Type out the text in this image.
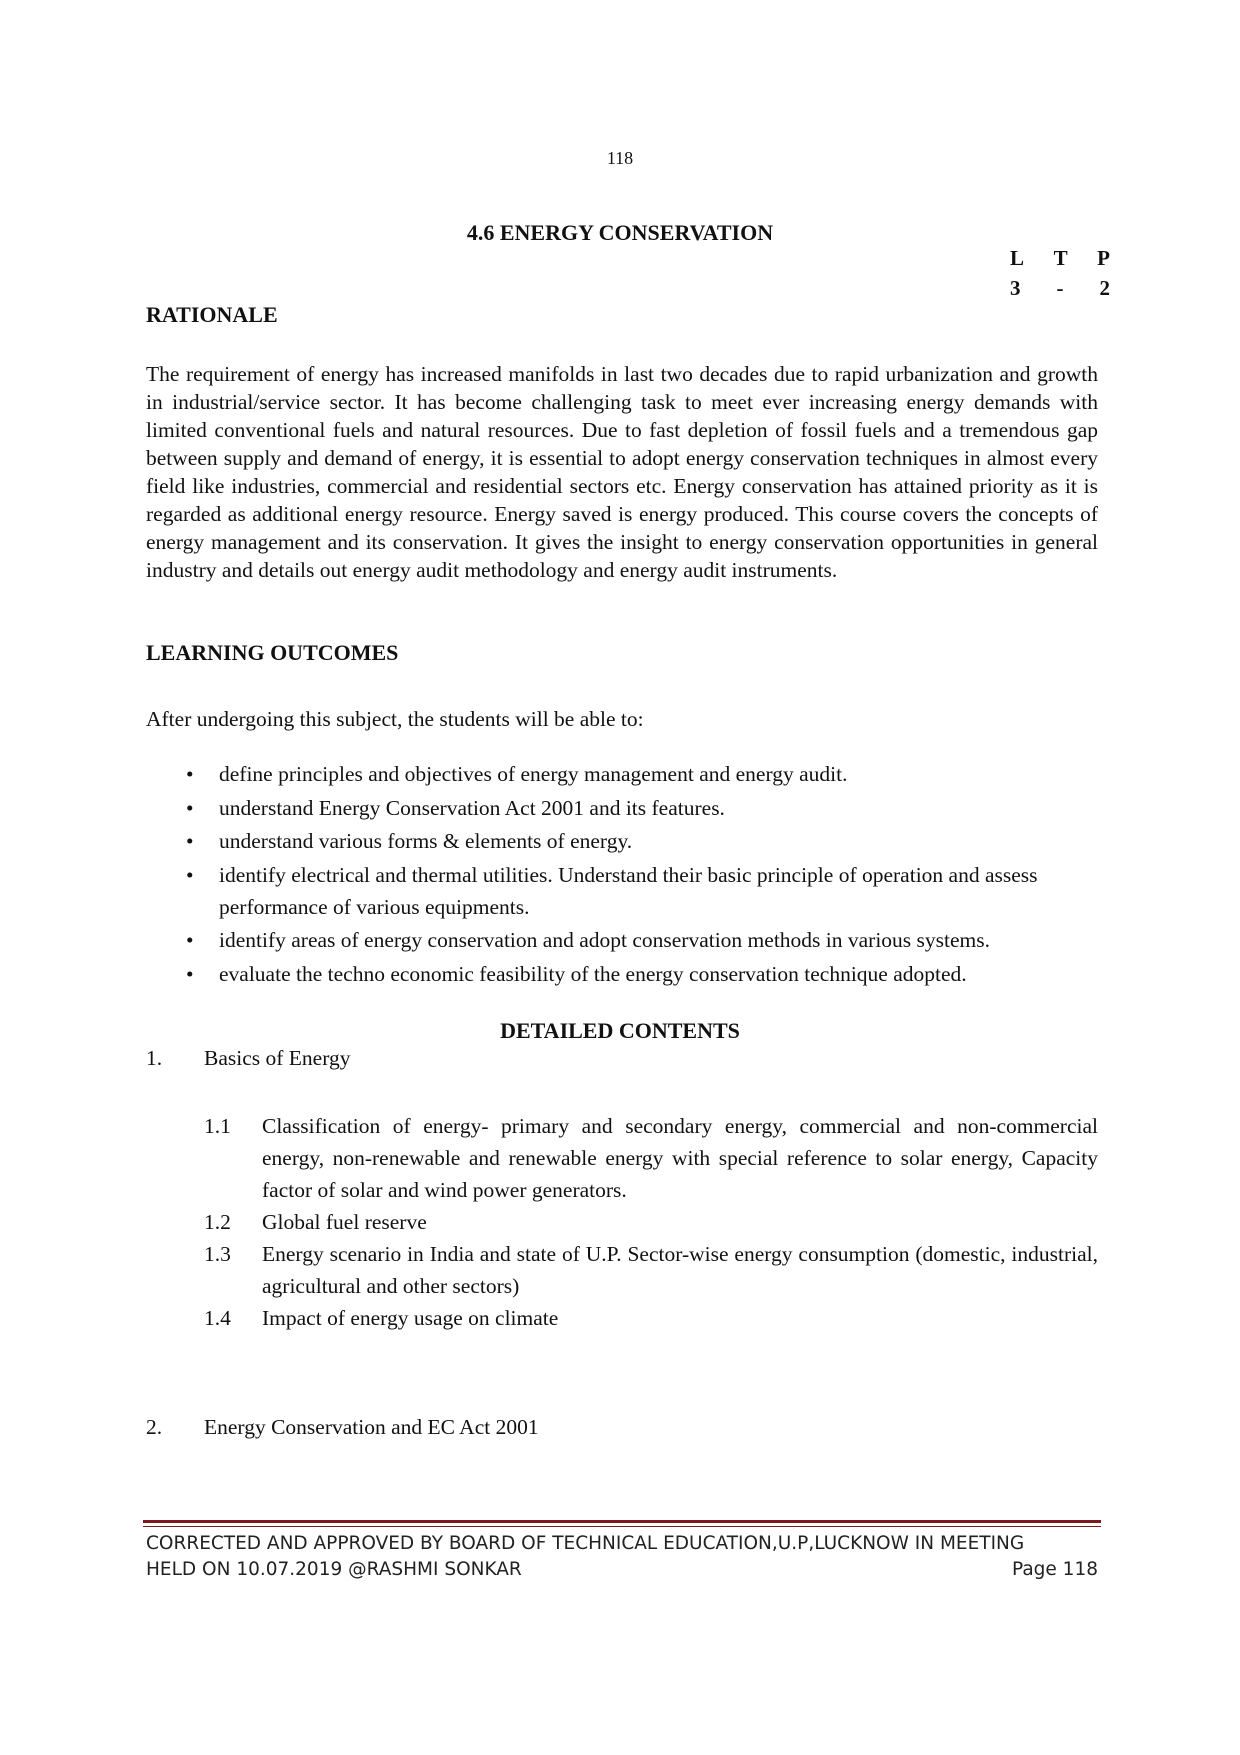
118
4.6 ENERGY CONSERVATION
L T P
3 - 2
RATIONALE
The requirement of energy has increased manifolds in last two decades due to rapid urbanization and growth in industrial/service sector. It has become challenging task to meet ever increasing energy demands with limited conventional fuels and natural resources. Due to fast depletion of fossil fuels and a tremendous gap between supply and demand of energy, it is essential to adopt energy conservation techniques in almost every field like industries, commercial and residential sectors etc. Energy conservation has attained priority as it is regarded as additional energy resource. Energy saved is energy produced. This course covers the concepts of energy management and its conservation. It gives the insight to energy conservation opportunities in general industry and details out energy audit methodology and energy audit instruments.
LEARNING OUTCOMES
After undergoing this subject, the students will be able to:
• define principles and objectives of energy management and energy audit.
• understand Energy Conservation Act 2001 and its features.
• understand various forms & elements of energy.
• identify electrical and thermal utilities. Understand their basic principle of operation and assess performance of various equipments.
• identify areas of energy conservation and adopt conservation methods in various systems.
• evaluate the techno economic feasibility of the energy conservation technique adopted.
DETAILED CONTENTS
1. Basics of Energy
1.1 Classification of energy- primary and secondary energy, commercial and non-commercial energy, non-renewable and renewable energy with special reference to solar energy, Capacity factor of solar and wind power generators.
1.2 Global fuel reserve
1.3 Energy scenario in India and state of U.P. Sector-wise energy consumption (domestic, industrial, agricultural and other sectors)
1.4 Impact of energy usage on climate
2. Energy Conservation and EC Act 2001
CORRECTED AND APPROVED BY BOARD OF TECHNICAL EDUCATION,U.P,LUCKNOW IN MEETING
HELD ON 10.07.2019 @RASHMI SONKAR	Page 118
